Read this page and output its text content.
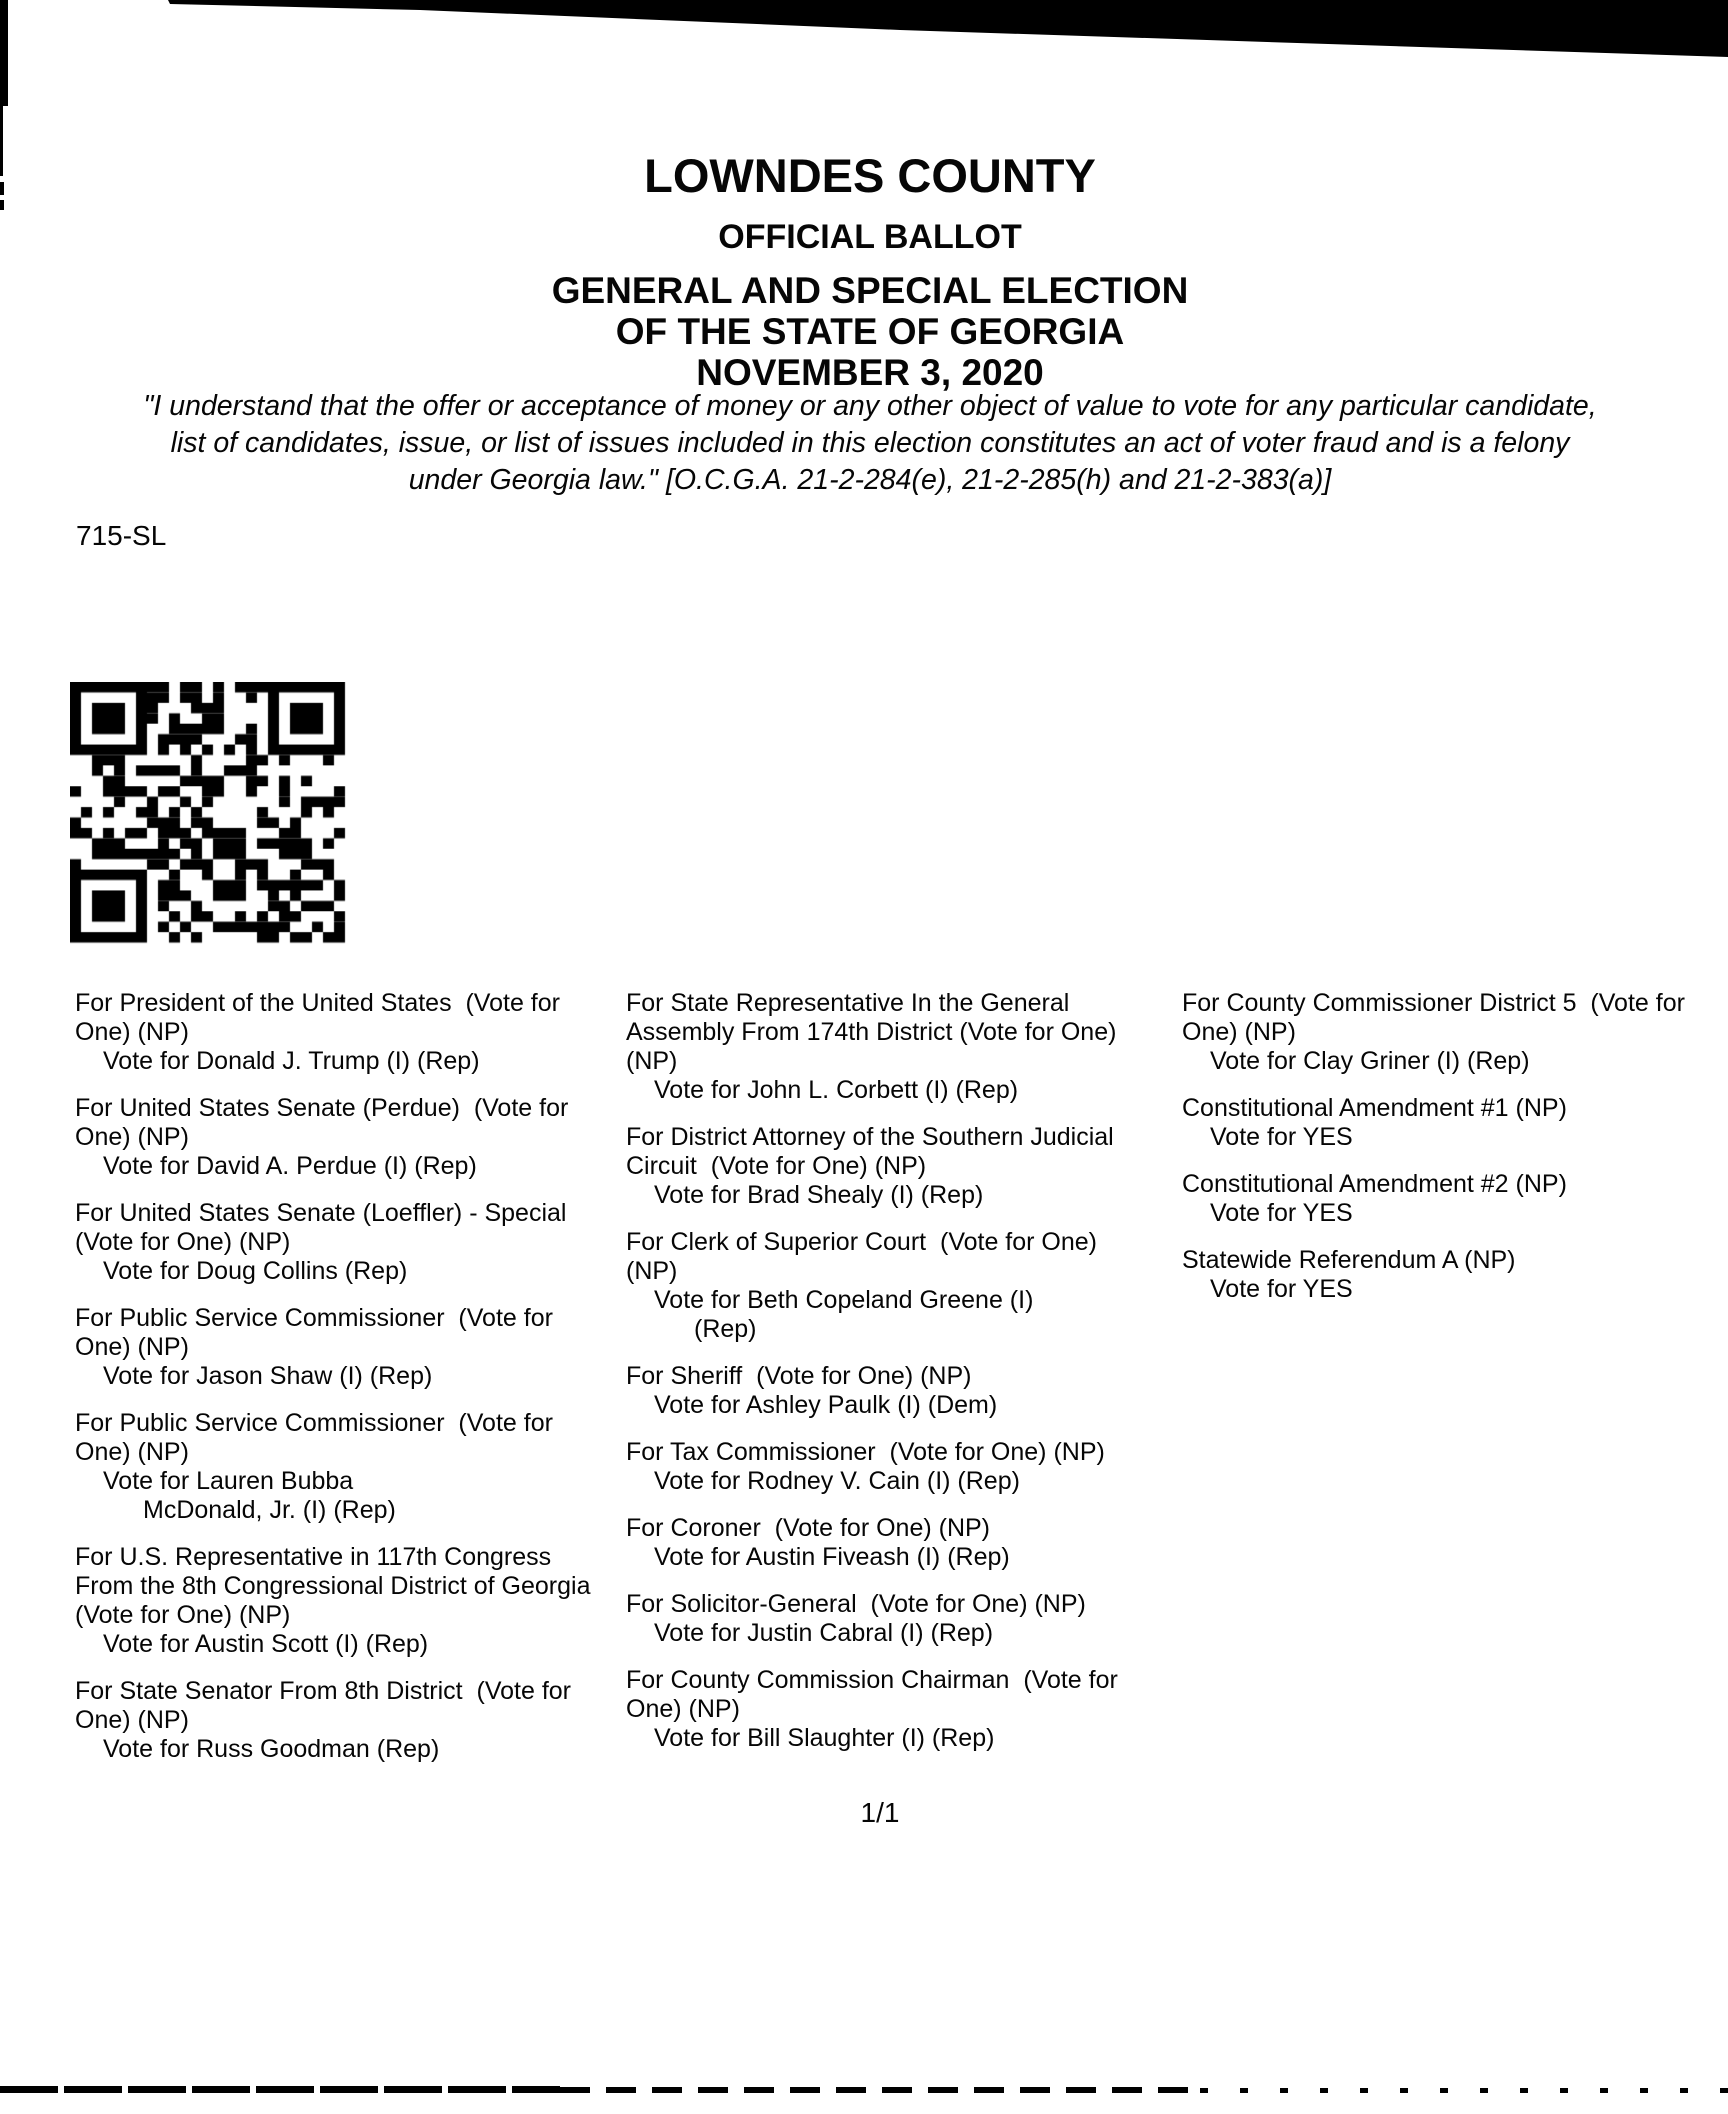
LOWNDES COUNTY
OFFICIAL BALLOT
GENERAL AND SPECIAL ELECTION
OF THE STATE OF GEORGIA
NOVEMBER 3, 2020
"I understand that the offer or acceptance of money or any other object of value to vote for any particular candidate,
list of candidates, issue, or list of issues included in this election constitutes an act of voter fraud and is a felony
under Georgia law." [O.C.G.A. 21-2-284(e), 21-2-285(h) and 21-2-383(a)]
715-SL
For President of the United States  (Vote for One) (NP)
Vote for Donald J. Trump (I) (Rep)
For United States Senate (Perdue)  (Vote for One) (NP)
Vote for David A. Perdue (I) (Rep)
For United States Senate (Loeffler) - Special  (Vote for One) (NP)
Vote for Doug Collins (Rep)
For Public Service Commissioner  (Vote for One) (NP)
Vote for Jason Shaw (I) (Rep)
For Public Service Commissioner  (Vote for One) (NP)
Vote for Lauren Bubba
McDonald, Jr. (I) (Rep)
For U.S. Representative in 117th Congress From the 8th Congressional District of Georgia (Vote for One) (NP)
Vote for Austin Scott (I) (Rep)
For State Senator From 8th District  (Vote for One) (NP)
Vote for Russ Goodman (Rep)
For State Representative In the General Assembly From 174th District (Vote for One) (NP)
Vote for John L. Corbett (I) (Rep)
For District Attorney of the Southern Judicial Circuit  (Vote for One) (NP)
Vote for Brad Shealy (I) (Rep)
For Clerk of Superior Court  (Vote for One) (NP)
Vote for Beth Copeland Greene (I)
(Rep)
For Sheriff  (Vote for One) (NP)
Vote for Ashley Paulk (I) (Dem)
For Tax Commissioner  (Vote for One) (NP)
Vote for Rodney V. Cain (I) (Rep)
For Coroner  (Vote for One) (NP)
Vote for Austin Fiveash (I) (Rep)
For Solicitor-General  (Vote for One) (NP)
Vote for Justin Cabral (I) (Rep)
For County Commission Chairman  (Vote for One) (NP)
Vote for Bill Slaughter (I) (Rep)
For County Commissioner District 5  (Vote for One) (NP)
Vote for Clay Griner (I) (Rep)
Constitutional Amendment #1 (NP)
Vote for YES
Constitutional Amendment #2 (NP)
Vote for YES
Statewide Referendum A (NP)
Vote for YES
1/1
